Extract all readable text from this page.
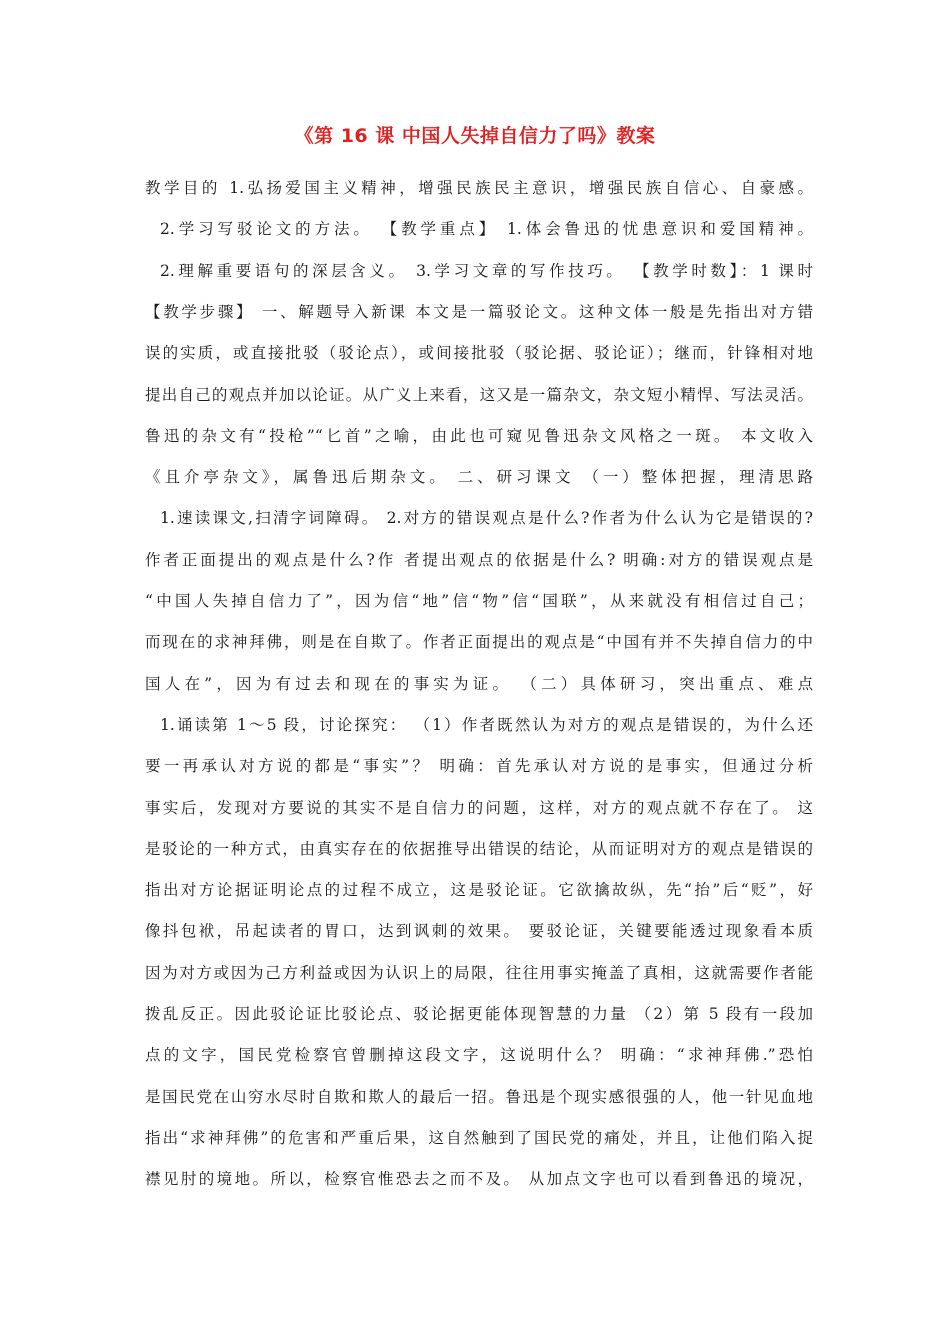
《第 16 课 中国人失掉自信力了吗》教案
教学目的 1.弘扬爱国主义精神，增强民族民主意识，增强民族自信心、自豪感。
2.学习写驳论文的方法。 【教学重点】 1.体会鲁迅的忧患意识和爱国精神。
2.理解重要语句的深层含义。 3.学习文章的写作技巧。 【教学时数】：1 课时
【教学步骤】 一、解题导入新课 本文是一篇驳论文。这种文体一般是先指出对方错
误的实质，或直接批驳（驳论点），或间接批驳（驳论据、驳论证）；继而，针锋相对地
提出自己的观点并加以论证。从广义上来看，这又是一篇杂文，杂文短小精悍、写法灵活。
鲁迅的杂文有“投枪”“匕首”之喻，由此也可窥见鲁迅杂文风格之一斑。 本文收入
《且介亭杂文》，属鲁迅后期杂文。 二、研习课文 （一）整体把握，理清思路
1.速读课文,扫清字词障碍。 2.对方的错误观点是什么?作者为什么认为它是错误的?
作者正面提出的观点是什么?作 者提出观点的依据是什么? 明确:对方的错误观点是
“中国人失掉自信力了”，因为信“地”信“物”信“国联”，从来就没有相信过自己；
而现在的求神拜佛，则是在自欺了。作者正面提出的观点是“中国有并不失掉自信力的中
国人在”，因为有过去和现在的事实为证。 （二）具体研习，突出重点、难点
1.诵读第 1～5 段，讨论探究： （1）作者既然认为对方的观点是错误的，为什么还
要一再承认对方说的都是“事实”？ 明确：首先承认对方说的是事实，但通过分析
事实后，发现对方要说的其实不是自信力的问题，这样，对方的观点就不存在了。 这
是驳论的一种方式，由真实存在的依据推导出错误的结论，从而证明对方的观点是错误的
指出对方论据证明论点的过程不成立，这是驳论证。它欲擒故纵，先“抬”后“贬”，好
像抖包袱，吊起读者的胃口，达到讽刺的效果。 要驳论证，关键要能透过现象看本质
因为对方或因为己方利益或因为认识上的局限，往往用事实掩盖了真相，这就需要作者能
拨乱反正。因此驳论证比驳论点、驳论据更能体现智慧的力量 （2）第 5 段有一段加
点的文字，国民党检察官曾删掉这段文字，这说明什么？ 明确：“求神拜佛.”恐怕
是国民党在山穷水尽时自欺和欺人的最后一招。鲁迅是个现实感很强的人，他一针见血地
指出“求神拜佛”的危害和严重后果，这自然触到了国民党的痛处，并且，让他们陷入捉
襟见肘的境地。所以，检察官惟恐去之而不及。 从加点文字也可以看到鲁迅的境况，
